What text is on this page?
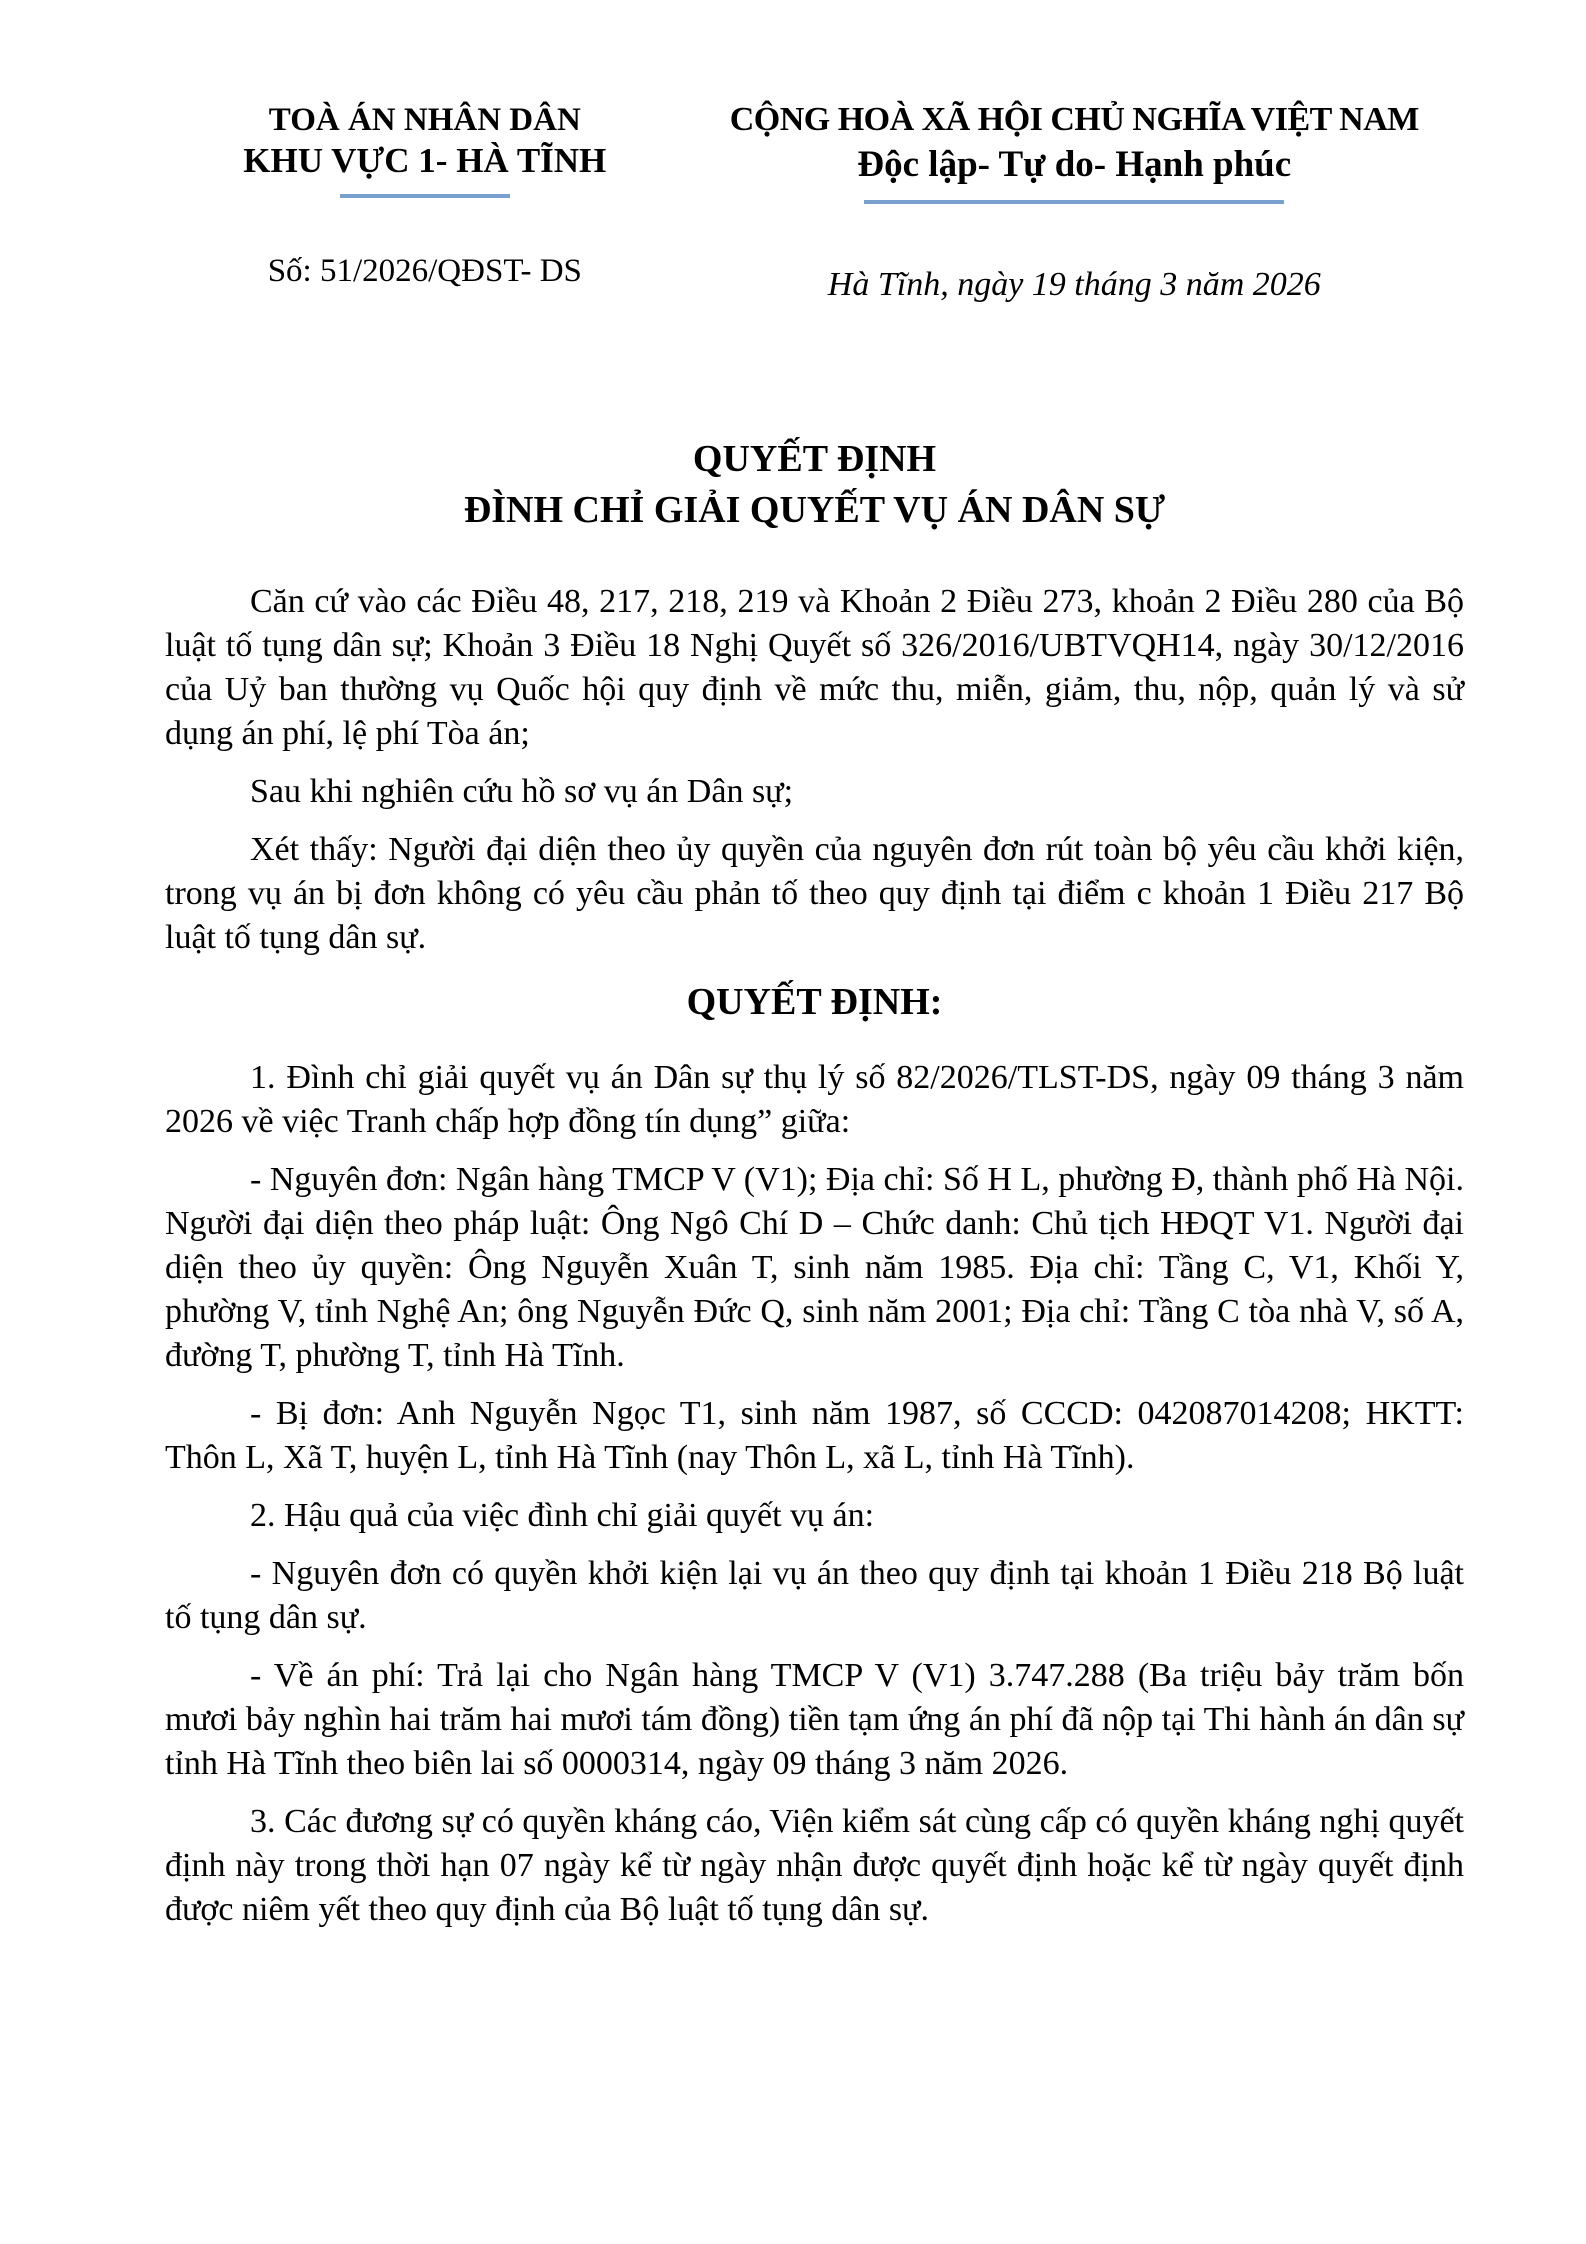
TOÀ ÁN NHÂN DÂN
KHU VỰC 1- HÀ TĨNH
Số: 51/2026/QĐST- DS
CỘNG HOÀ XÃ HỘI CHỦ NGHĨA VIỆT NAM
Độc lập- Tự do- Hạnh phúc
Hà Tĩnh, ngày 19 tháng 3 năm 2026
QUYẾT ĐỊNH
ĐÌNH CHỈ GIẢI QUYẾT VỤ ÁN DÂN SỰ

Căn cứ vào các Điều 48, 217, 218, 219 và Khoản 2 Điều 273, khoản 2 Điều 280 của Bộ luật tố tụng dân sự; Khoản 3 Điều 18 Nghị Quyết số 326/2016/UBTVQH14, ngày 30/12/2016 của Uỷ ban thường vụ Quốc hội quy định về mức thu, miễn, giảm, thu, nộp, quản lý và sử dụng án phí, lệ phí Tòa án;

Sau khi nghiên cứu hồ sơ vụ án Dân sự;

Xét thấy: Người đại diện theo ủy quyền của nguyên đơn rút toàn bộ yêu cầu khởi kiện, trong vụ án bị đơn không có yêu cầu phản tố theo quy định tại điểm c khoản 1 Điều 217 Bộ luật tố tụng dân sự.

QUYẾT ĐỊNH:

1. Đình chỉ giải quyết vụ án Dân sự thụ lý số 82/2026/TLST-DS, ngày 09 tháng 3 năm 2026 về việc Tranh chấp hợp đồng tín dụng” giữa:

- Nguyên đơn: Ngân hàng TMCP V (V1); Địa chỉ: Số H L, phường Đ, thành phố Hà Nội. Người đại diện theo pháp luật: Ông Ngô Chí D – Chức danh: Chủ tịch HĐQT V1. Người đại diện theo ủy quyền: Ông Nguyễn Xuân T, sinh năm 1985. Địa chỉ: Tầng C, V1, Khối Y, phường V, tỉnh Nghệ An; ông Nguyễn Đức Q, sinh năm 2001; Địa chỉ: Tầng C tòa nhà V, số A, đường T, phường T, tỉnh Hà Tĩnh.

- Bị đơn: Anh Nguyễn Ngọc T1, sinh năm 1987, số CCCD: 042087014208; HKTT: Thôn L, Xã T, huyện L, tỉnh Hà Tĩnh (nay Thôn L, xã L, tỉnh Hà Tĩnh).

2. Hậu quả của việc đình chỉ giải quyết vụ án:

- Nguyên đơn có quyền khởi kiện lại vụ án theo quy định tại khoản 1 Điều 218 Bộ luật tố tụng dân sự.

- Về án phí: Trả lại cho Ngân hàng TMCP V (V1) 3.747.288 (Ba triệu bảy trăm bốn mươi bảy nghìn hai trăm hai mươi tám đồng) tiền tạm ứng án phí đã nộp tại Thi hành án dân sự tỉnh Hà Tĩnh theo biên lai số 0000314, ngày 09 tháng 3 năm 2026.

3. Các đương sự có quyền kháng cáo, Viện kiểm sát cùng cấp có quyền kháng nghị quyết định này trong thời hạn 07 ngày kể từ ngày nhận được quyết định hoặc kể từ ngày quyết định được niêm yết theo quy định của Bộ luật tố tụng dân sự.
